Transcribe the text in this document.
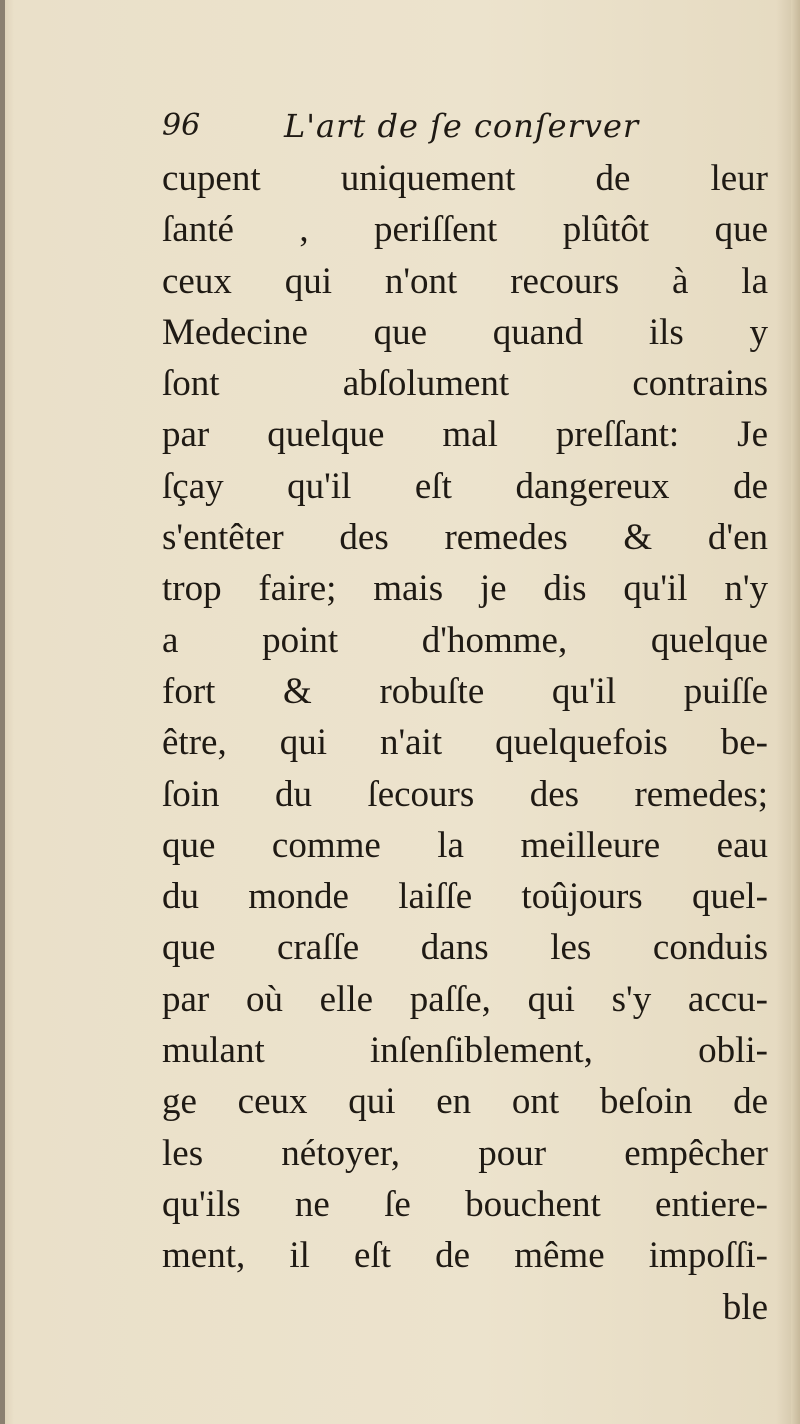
96	L'art de ſe conſerver
cupent uniquement de leur
ſanté , periſſent plûtôt que
ceux qui n'ont recours à la
Medecine que quand ils y
ſont abſolument contrains
par quelque mal preſſant: Je
ſçay qu'il eſt dangereux de
s'entêter des remedes & d'en
trop faire; mais je dis qu'il n'y
a point d'homme, quelque
fort & robuſte qu'il puiſſe
être, qui n'ait quelquefois be-
ſoin du ſecours des remedes;
que comme la meilleure eau
du monde laiſſe toûjours quel-
que craſſe dans les conduis
par où elle paſſe, qui s'y accu-
mulant inſenſiblement, obli-
ge ceux qui en ont beſoin de
les nétoyer, pour empêcher
qu'ils ne ſe bouchent entiere-
ment, il eſt de même impoſſi-
ble
